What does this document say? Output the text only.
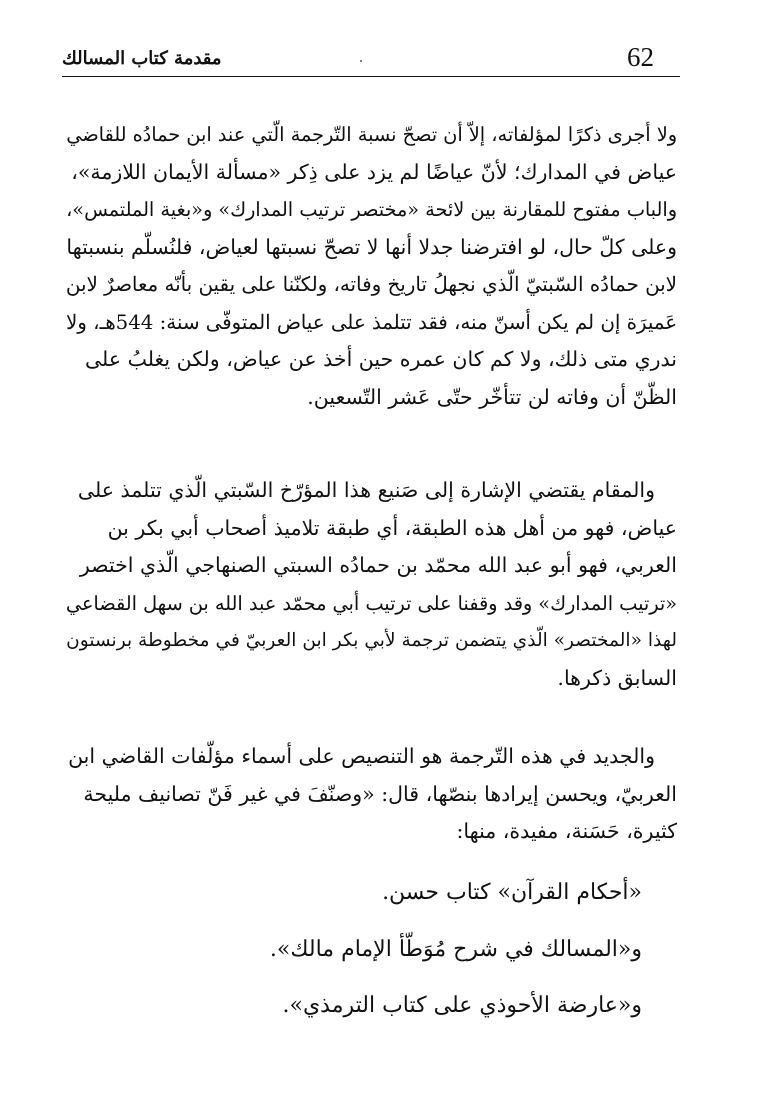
مقدمة كتاب المسالك	62
ولا أجرى ذكرًا لمؤلفاته، إلاّ أن تصحّ نسبة التّرجمة الّتي عند ابن حمادُه للقاضي
عياض في المدارك؛ لأنّ عياضًا لم يزد على ذِكر «مسألة الأيمان اللازمة»،
والباب مفتوح للمقارنة بين لائحة «مختصر ترتيب المدارك» و«بغية الملتمس»،
وعلى كلّ حال، لو افترضنا جدلا أنها لا تصحّ نسبتها لعياض، فلنُسلّم بنسبتها
لابن حمادُه السّبتيّ الّذي نجهلُ تاريخ وفاته، ولكنّنا على يقين بأنّه معاصرٌ لابن
عَميرَة إن لم يكن أسنّ منه، فقد تتلمذ على عياض المتوفّى سنة: 544هـ، ولا
ندري متى ذلك، ولا كم كان عمره حين أخذ عن عياض، ولكن يغلبُ على
الظّنّ أن وفاته لن تتأخّر حتّى عَشر التّسعين.
والمقام يقتضي الإشارة إلى صَنيع هذا المؤرّخ السّبتي الّذي تتلمذ على
عياض، فهو من أهل هذه الطبقة، أي طبقة تلاميذ أصحاب أبي بكر بن
العربي، فهو أبو عبد الله محمّد بن حمادُه السبتي الصنهاجي الّذي اختصر
«ترتيب المدارك» وقد وقفنا على ترتيب أبي محمّد عبد الله بن سهل القضاعي
لهذا «المختصر» الّذي يتضمن ترجمة لأبي بكر ابن العربيّ في مخطوطة برنستون
السابق ذكرها.
والجديد في هذه التّرجمة هو التنصيص على أسماء مؤلّفات القاضي ابن
العربيّ، ويحسن إيرادها بنصّها، قال: «وصنّفَ في غير فَنّ تصانيف مليحة
كثيرة، حَسَنة، مفيدة، منها:
«أحكام القرآن» كتاب حسن.
و«المسالك في شرح مُوَطّأ الإمام مالك».
و«عارضة الأحوذي على كتاب الترمذي».
